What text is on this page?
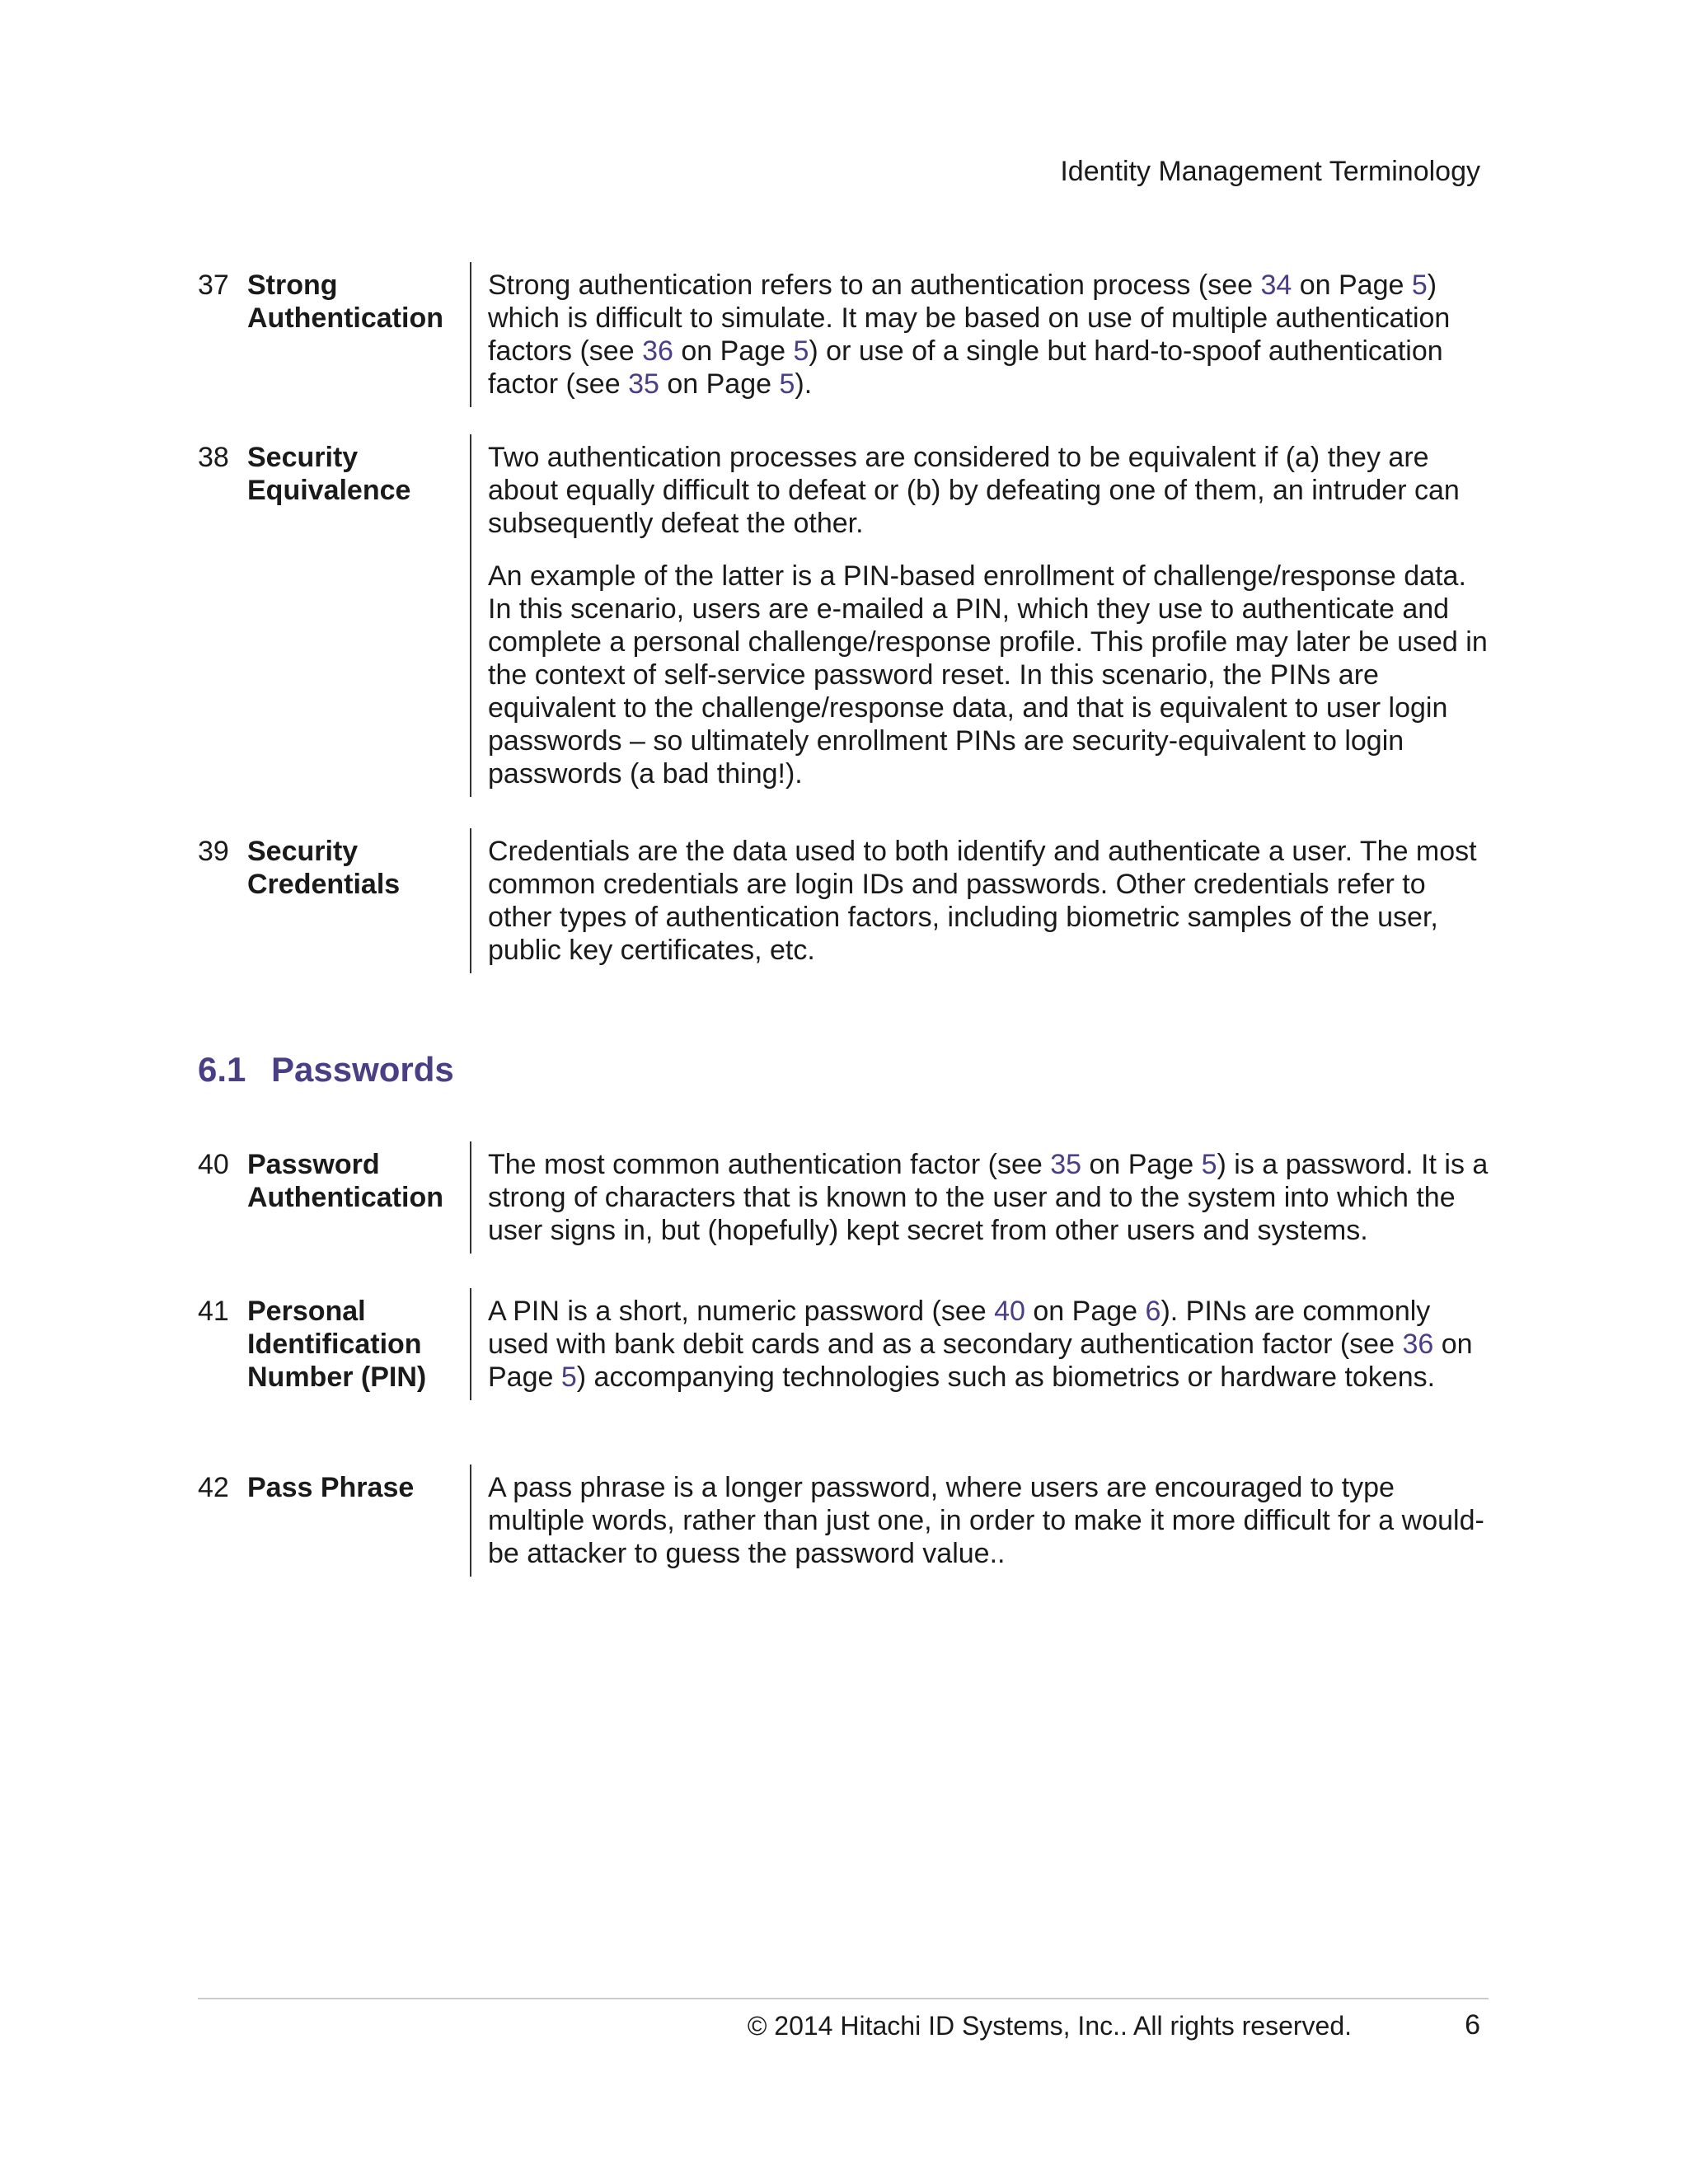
Identity Management Terminology
37 Strong
Authentication

Strong authentication refers to an authentication process (see 34 on Page 5) which is difficult to simulate. It may be based on use of multiple authentication factors (see 36 on Page 5) or use of a single but hard-to-spoof authentication factor (see 35 on Page 5).

38 Security
Equivalence

Two authentication processes are considered to be equivalent if (a) they are about equally difficult to defeat or (b) by defeating one of them, an intruder can subsequently defeat the other.

An example of the latter is a PIN-based enrollment of challenge/response data. In this scenario, users are e-mailed a PIN, which they use to authenticate and complete a personal challenge/response profile. This profile may later be used in the context of self-service password reset. In this scenario, the PINs are equivalent to the challenge/response data, and that is equivalent to user login passwords – so ultimately enrollment PINs are security-equivalent to login passwords (a bad thing!).

39 Security
Credentials

Credentials are the data used to both identify and authenticate a user. The most common credentials are login IDs and passwords. Other credentials refer to other types of authentication factors, including biometric samples of the user, public key certificates, etc.

6.1 Passwords
40 Password
Authentication

The most common authentication factor (see 35 on Page 5) is a password. It is a strong of characters that is known to the user and to the system into which the user signs in, but (hopefully) kept secret from other users and systems.

41 Personal
Identification
Number (PIN)

A PIN is a short, numeric password (see 40 on Page 6). PINs are commonly used with bank debit cards and as a secondary authentication factor (see 36 on Page 5) accompanying technologies such as biometrics or hardware tokens.

42 Pass Phrase	A pass phrase is a longer password, where users are encouraged to type multiple words, rather than just one, in order to make it more difficult for a would-be attacker to guess the password value..

© 2014 Hitachi ID Systems, Inc.. All rights reserved.	6
